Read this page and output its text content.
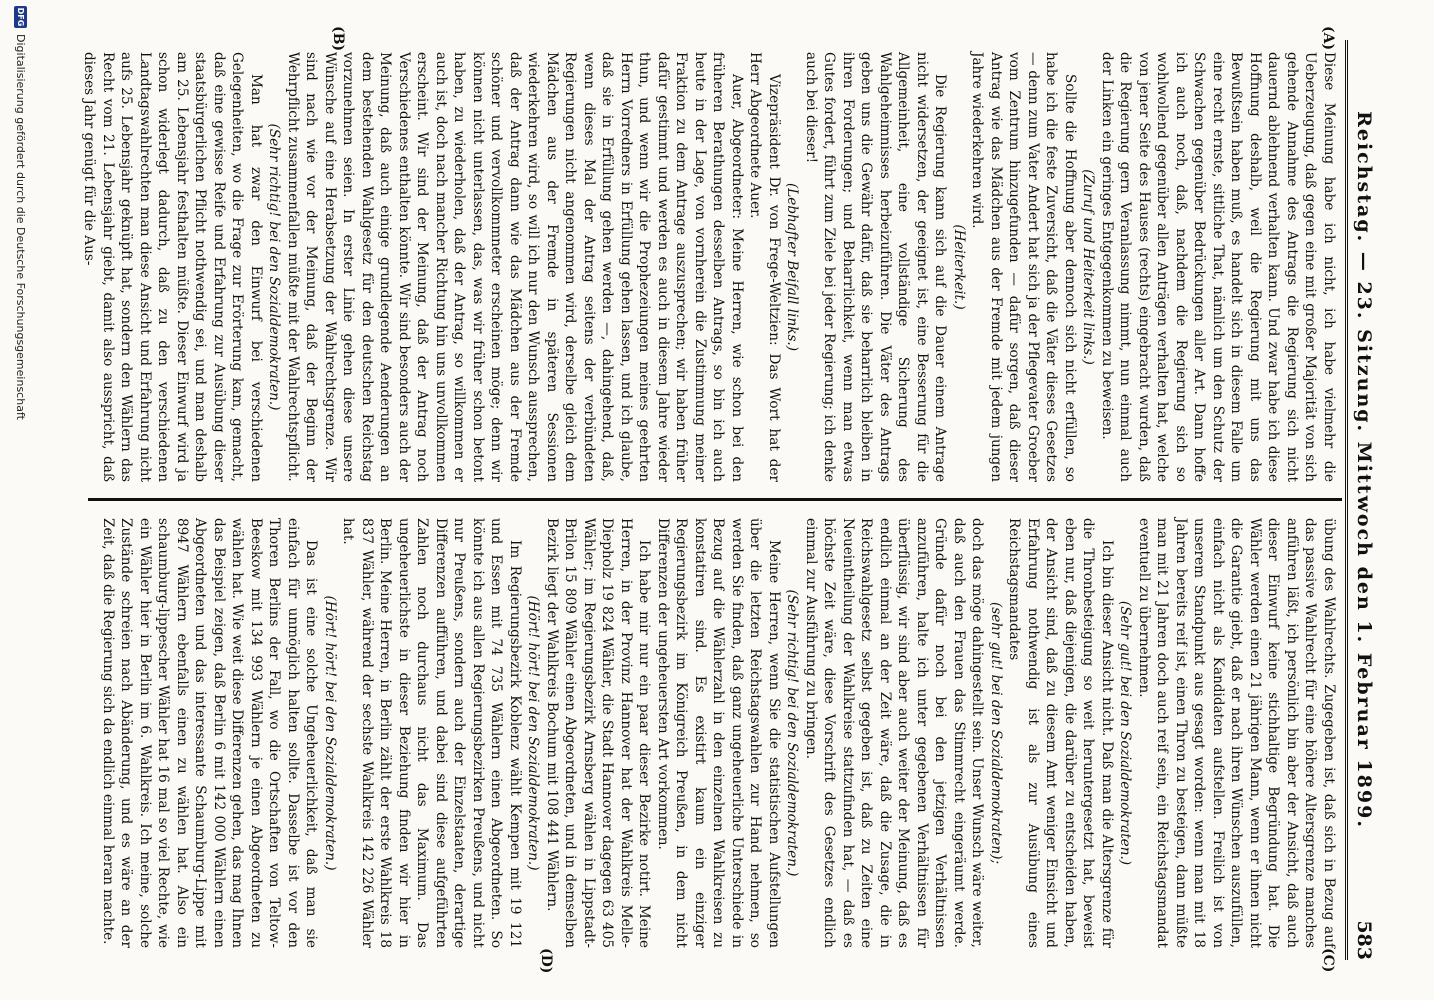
Reichstag. — 23. Sitzung. Mittwoch den 1. Februar 1899.
583
(A)
(B)
(C)
(D)

Diese Meinung habe ich nicht, ich habe vielmehr die Ueberzeugung, daß gegen eine mit großer Majorität von sich gehende Annahme des Antrags die Regierung sich nicht dauernd ablehnend verhalten kann. Und zwar habe ich diese Hoffnung deshalb, weil die Regierung mit uns das Bewußtsein haben muß, es handelt sich in diesem Falle um eine recht ernste, sittliche That, nämlich um den Schutz der Schwachen gegenüber Bedrückungen aller Art. Dann hoffe ich auch noch, daß, nachdem die Regierung sich so wohlwollend gegenüber allen Anträgen verhalten hat, welche von jener Seite des Hauses (rechts) eingebracht wurden, daß die Regierung gern Veranlassung nimmt, nun einmal auch der Linken ein geringes Entgegenkommen zu beweisen.

(Zuruf und Heiterkeit links.)

Sollte die Hoffnung aber dennoch sich nicht erfüllen, so habe ich die feste Zuversicht, daß die Väter dieses Gesetzes — denn zum Vater Andert hat sich ja der Pflegevater Groeber vom Zentrum hinzugefunden — dafür sorgen, daß dieser Antrag wie das Mädchen aus der Fremde mit jedem jungen Jahre wiederkehren wird.

(Heiterkeit.)

Die Regierung kann sich auf die Dauer einem Antrage nicht widersetzen, der geeignet ist, eine Besserung für die Allgemeinheit, eine vollständige Sicherung des Wahlgeheimnisses herbeizuführen. Die Väter des Antrags geben uns die Gewähr dafür, daß sie beharrlich bleiben in ihren Forderungen; und Beharrlichkeit, wenn man etwas Gutes fordert, führt zum Ziele bei jeder Regierung; ich denke auch bei dieser!

(Lebhafter Beifall links.)

Vizepräsident Dr. von Frege-Weltzien: Das Wort hat der Herr Abgeordnete Auer.

Auer, Abgeordneter: Meine Herren, wie schon bei den früheren Berathungen desselben Antrags, so bin ich auch heute in der Lage, von vornherein die Zustimmung meiner Fraktion zu dem Antrage auszusprechen; wir haben früher dafür gestimmt und werden es auch in diesem Jahre wieder thun, und wenn wir die Prophezeiungen meines geehrten Herrn Vorredners in Erfüllung gehen lassen, und ich glaube, daß sie in Erfüllung gehen werden —, dahingehend, daß, wenn dieses Mal der Antrag seitens der verbündeten Regierungen nicht angenommen wird, derselbe gleich dem Mädchen aus der Fremde in späteren Sessionen wiederkehren wird, so will ich nur den Wunsch aussprechen, daß der Antrag dann wie das Mädchen aus der Fremde schöner und vervollkommneter erscheinen möge; denn wir können nicht unterlassen, das, was wir früher schon betont haben, zu wiederholen, daß der Antrag, so willkommen er auch ist, doch nach mancher Richtung hin uns unvollkommen erscheint. Wir sind der Meinung, daß der Antrag noch Verschiedenes enthalten könnte. Wir sind besonders auch der Meinung, daß auch einige grundlegende Aenderungen an dem bestehenden Wahlgesetz für den deutschen Reichstag vorzunehmen seien. In erster Linie gehen diese unsere Wünsche auf eine Herabsetzung der Wahlrechtsgrenze. Wir sind nach wie vor der Meinung, daß der Beginn der Wehrpflicht zusammenfallen müßte mit der Wahlrechtspflicht.

(Sehr richtig! bei den Sozialdemokraten.)

Man hat zwar den Einwurf bei verschiedenen Gelegenheiten, wo die Frage zur Erörterung kam, gemacht, daß eine gewisse Reife und Erfahrung zur Ausübung dieser staatsbürgerlichen Pflicht nothwendig sei, und man deshalb am 25. Lebensjahr festhalten müßte. Dieser Einwurf wird ja schon widerlegt dadurch, daß zu den verschiedenen Landtagswahlrechten man diese Ansicht und Erfahrung nicht aufs 25. Lebensjahr geknüpft hat, sondern den Wählern das Recht vom 21. Lebensjahr giebt, damit also ausspricht, daß dieses Jahr genügt für die Aus-

übung des Wahlrechts. Zugegeben ist, daß sich in Bezug auf das passive Wahlrecht für eine höhere Altersgrenze manches anführen läßt, ich persönlich bin aber der Ansicht, daß auch dieser Einwurf keine stichhaltige Begründung hat. Die Wähler werden einen 21 jährigen Mann, wenn er ihnen nicht die Garantie giebt, daß er nach ihren Wünschen auszufüllen, einfach nicht als Kandidaten aufstellen. Freilich ist von unserem Standpunkt aus gesagt worden: wenn man mit 18 Jahren bereits reif ist, einen Thron zu besteigen, dann müßte man mit 21 Jahren doch auch reif sein, ein Reichstagsmandat eventuell zu übernehmen.

(Sehr gut! bei den Sozialdemokraten.)

Ich bin dieser Ansicht nicht. Daß man die Altersgrenze für die Thronbesteigung so weit heruntergesetzt hat, beweist eben nur, daß diejenigen, die darüber zu entscheiden haben, der Ansicht sind, daß zu diesem Amt weniger Einsicht und Erfahrung nothwendig ist als zur Ausübung eines Reichstagsmandates

(sehr gut! bei den Sozialdemokraten);

doch das möge dahingestellt sein. Unser Wunsch wäre weiter, daß auch den Frauen das Stimmrecht eingeräumt werde. Gründe dafür noch bei den jetzigen Verhältnissen anzuführen, halte ich unter gegebenen Verhältnissen für überflüssig, wir sind aber auch weiter der Meinung, daß es endlich einmal an der Zeit wäre, daß die Zusage, die in Reichswahlgesetz selbst gegeben ist, daß zu Zeiten eine Neueintheilung der Wahlkreise stattzufinden hat, — daß es höchste Zeit wäre, diese Vorschrift des Gesetzes endlich einmal zur Ausführung zu bringen.

(Sehr richtig! bei den Sozialdemokraten.)

Meine Herren, wenn Sie die statistischen Aufstellungen über die letzten Reichstagswahlen zur Hand nehmen, so werden Sie finden, daß ganz ungeheuerliche Unterschiede in Bezug auf die Wählerzahl in den einzelnen Wahlkreisen zu konstatiren sind. Es existirt kaum ein einziger Regierungsbezirk im Königreich Preußen, in dem nicht Differenzen der ungeheuersten Art vorkommen.

Ich habe mir nur ein paar dieser Bezirke notirt. Meine Herren, in der Provinz Hannover hat der Wahlkreis Melle-Diepholz 19 824 Wähler, die Stadt Hannover dagegen 63 405 Wähler; im Regierungsbezirk Arnsberg wählen in Lippstadt-Brilon 15 809 Wähler einen Abgeordneten, und in demselben Bezirk liegt der Wahlkreis Bochum mit 108 441 Wählern.

(Hört! hört! bei den Sozialdemokraten.)

Im Regierungsbezirk Koblenz wählt Kempen mit 19 121 und Essen mit 74 735 Wählern einen Abgeordneten. So könnte ich aus allen Regierungsbezirken Preußens, und nicht nur Preußens, sondern auch der Einzelstaaten, derartige Differenzen aufführen, und dabei sind diese aufgeführten Zahlen noch durchaus nicht das Maximum. Das ungeheuerlichste in dieser Beziehung finden wir hier in Berlin. Meine Herren, in Berlin zählt der erste Wahlkreis 18 837 Wähler, während der sechste Wahlkreis 142 226 Wähler hat.

(Hört! hört! bei den Sozialdemokraten.)

Das ist eine solche Ungeheuerlichkeit, daß man sie einfach für unmöglich halten sollte. Dasselbe ist vor den Thoren Berlins der Fall, wo die Ortschaften von Teltow-Beeskow mit 134 993 Wählern je einen Abgeordneten zu wählen hat. Wie weit diese Differenzen gehen, das mag Ihnen das Beispiel zeigen, daß Berlin 6 mit 142 000 Wählern einen Abgeordneten und das interessante Schaumburg-Lippe mit 8947 Wählern ebenfalls einen zu wählen hat. Also ein schaumburg-lippescher Wähler hat 16 mal so viel Rechte, wie ein Wähler hier in Berlin im 6. Wahlkreis. Ich meine, solche Zustände schreien nach Abänderung, und es wäre an der Zeit, daß die Regierung sich da endlich einmal heran machte.

DFG
Digitalisierung gefördert durch die Deutsche Forschungsgemeinschaft
